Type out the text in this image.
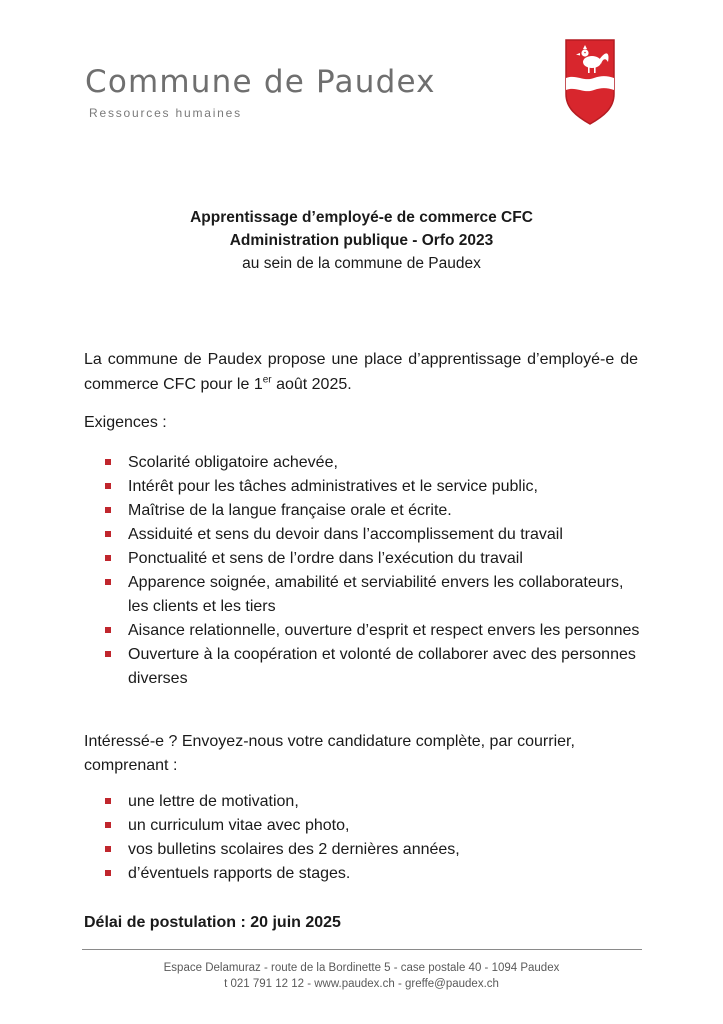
Commune de Paudex
Ressources humaines
Apprentissage d’employé-e de commerce CFC
Administration publique - Orfo 2023
au sein de la commune de Paudex
La commune de Paudex propose une place d’apprentissage d’employé-e de commerce CFC pour le 1er août 2025.
Exigences :
Scolarité obligatoire achevée,
Intérêt pour les tâches administratives et le service public,
Maîtrise de la langue française orale et écrite.
Assiduité et sens du devoir dans l’accomplissement du travail
Ponctualité et sens de l’ordre dans l’exécution du travail
Apparence soignée, amabilité et serviabilité envers les collaborateurs, les clients et les tiers
Aisance relationnelle, ouverture d’esprit et respect envers les personnes
Ouverture à la coopération et volonté de collaborer avec des personnes diverses
Intéressé-e ? Envoyez-nous votre candidature complète, par courrier, comprenant :
une lettre de motivation,
un curriculum vitae avec photo,
vos bulletins scolaires des 2 dernières années,
d’éventuels rapports de stages.
Délai de postulation : 20 juin 2025
Espace Delamuraz - route de la Bordinette 5 - case postale 40 - 1094 Paudex
t 021 791 12 12 - www.paudex.ch - greffe@paudex.ch
